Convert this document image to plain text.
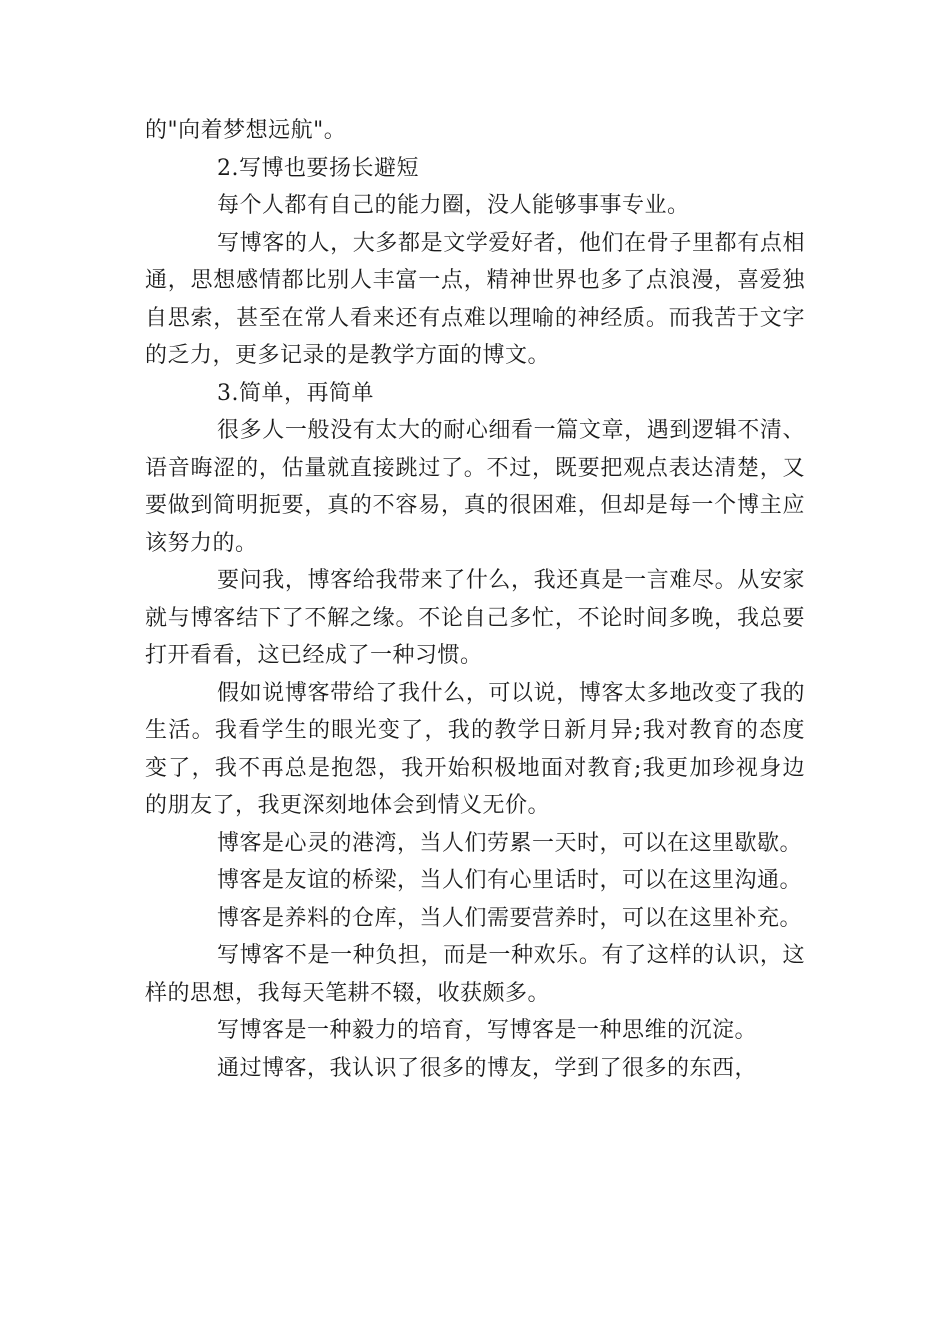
的"向着梦想远航"。

2.写博也要扬长避短

每个人都有自己的能力圈，没人能够事事专业。

写博客的人，大多都是文学爱好者，他们在骨子里都有点相通，思想感情都比别人丰富一点，精神世界也多了点浪漫，喜爱独自思索，甚至在常人看来还有点难以理喻的神经质。而我苦于文字的乏力，更多记录的是教学方面的博文。

3.简单，再简单

很多人一般没有太大的耐心细看一篇文章，遇到逻辑不清、语音晦涩的，估量就直接跳过了。不过，既要把观点表达清楚，又要做到简明扼要，真的不容易，真的很困难，但却是每一个博主应该努力的。

要问我，博客给我带来了什么，我还真是一言难尽。从安家就与博客结下了不解之缘。不论自己多忙，不论时间多晚，我总要打开看看，这已经成了一种习惯。

假如说博客带给了我什么，可以说，博客太多地改变了我的生活。我看学生的眼光变了，我的教学日新月异;我对教育的态度变了，我不再总是抱怨，我开始积极地面对教育;我更加珍视身边的朋友了，我更深刻地体会到情义无价。

博客是心灵的港湾，当人们劳累一天时，可以在这里歇歇。

博客是友谊的桥梁，当人们有心里话时，可以在这里沟通。

博客是养料的仓库，当人们需要营养时，可以在这里补充。

写博客不是一种负担，而是一种欢乐。有了这样的认识，这样的思想，我每天笔耕不辍，收获颇多。

写博客是一种毅力的培育，写博客是一种思维的沉淀。

通过博客，我认识了很多的博友，学到了很多的东西，
